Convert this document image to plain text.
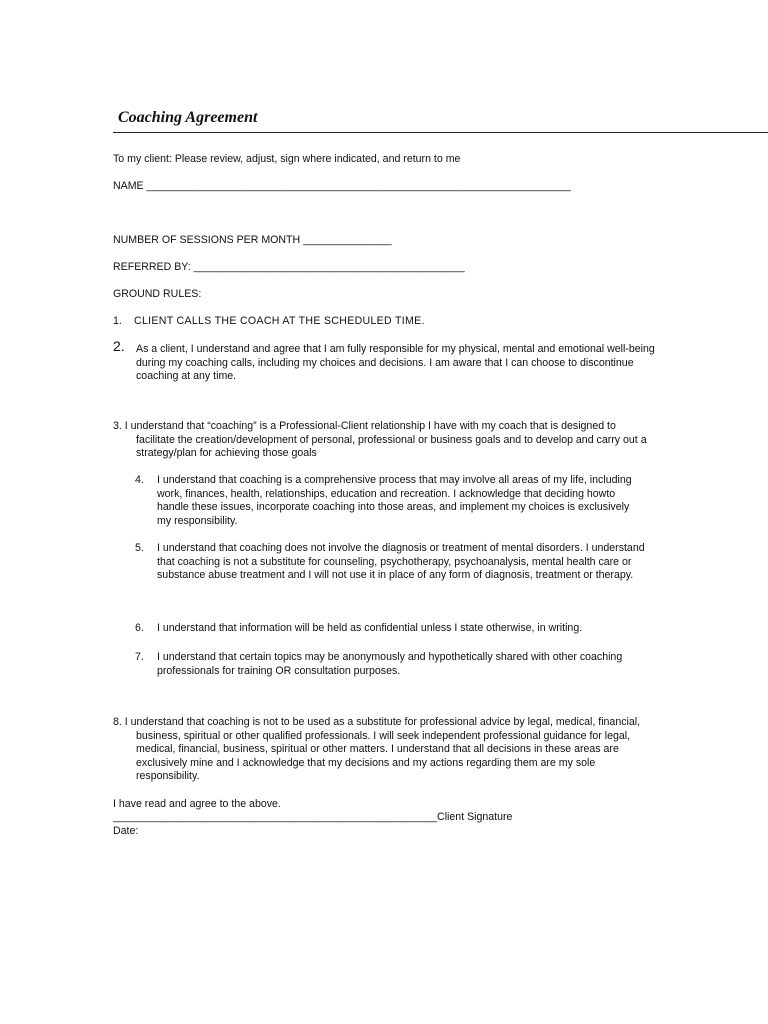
Coaching Agreement
To my client: Please review, adjust, sign where indicated, and return to me
NAME ________________________________________________________________________
NUMBER OF SESSIONS PER MONTH _______________
REFERRED BY: ______________________________________________
GROUND RULES:
1. CLIENT CALLS THE COACH AT THE SCHEDULED TIME.
2. As a client, I understand and agree that I am fully responsible for my physical, mental and emotional well-being during my coaching calls, including my choices and decisions. I am aware that I can choose to discontinue coaching at any time.
3. I understand that “coaching” is a Professional-Client relationship I have with my coach that is designed to
facilitate the creation/development of personal, professional or business goals and to develop and carry out a strategy/plan for achieving those goals
4. I understand that coaching is a comprehensive process that may involve all areas of my life, including work, finances, health, relationships, education and recreation. I acknowledge that deciding howto handle these issues, incorporate coaching into those areas, and implement my choices is exclusively my responsibility.
5. I understand that coaching does not involve the diagnosis or treatment of mental disorders. I understand that coaching is not a substitute for counseling, psychotherapy, psychoanalysis, mental health care or substance abuse treatment and I will not use it in place of any form of diagnosis, treatment or therapy.
6. I understand that information will be held as confidential unless I state otherwise, in writing.
7. I understand that certain topics may be anonymously and hypothetically shared with other coaching professionals for training OR consultation purposes.
8. I understand that coaching is not to be used as a substitute for professional advice by legal, medical, financial,
business, spiritual or other qualified professionals. I will seek independent professional guidance for legal, medical, financial, business, spiritual or other matters. I understand that all decisions in these areas are exclusively mine and I acknowledge that my decisions and my actions regarding them are my sole responsibility.
I have read and agree to the above.
_______________________________________________________Client Signature
Date:
